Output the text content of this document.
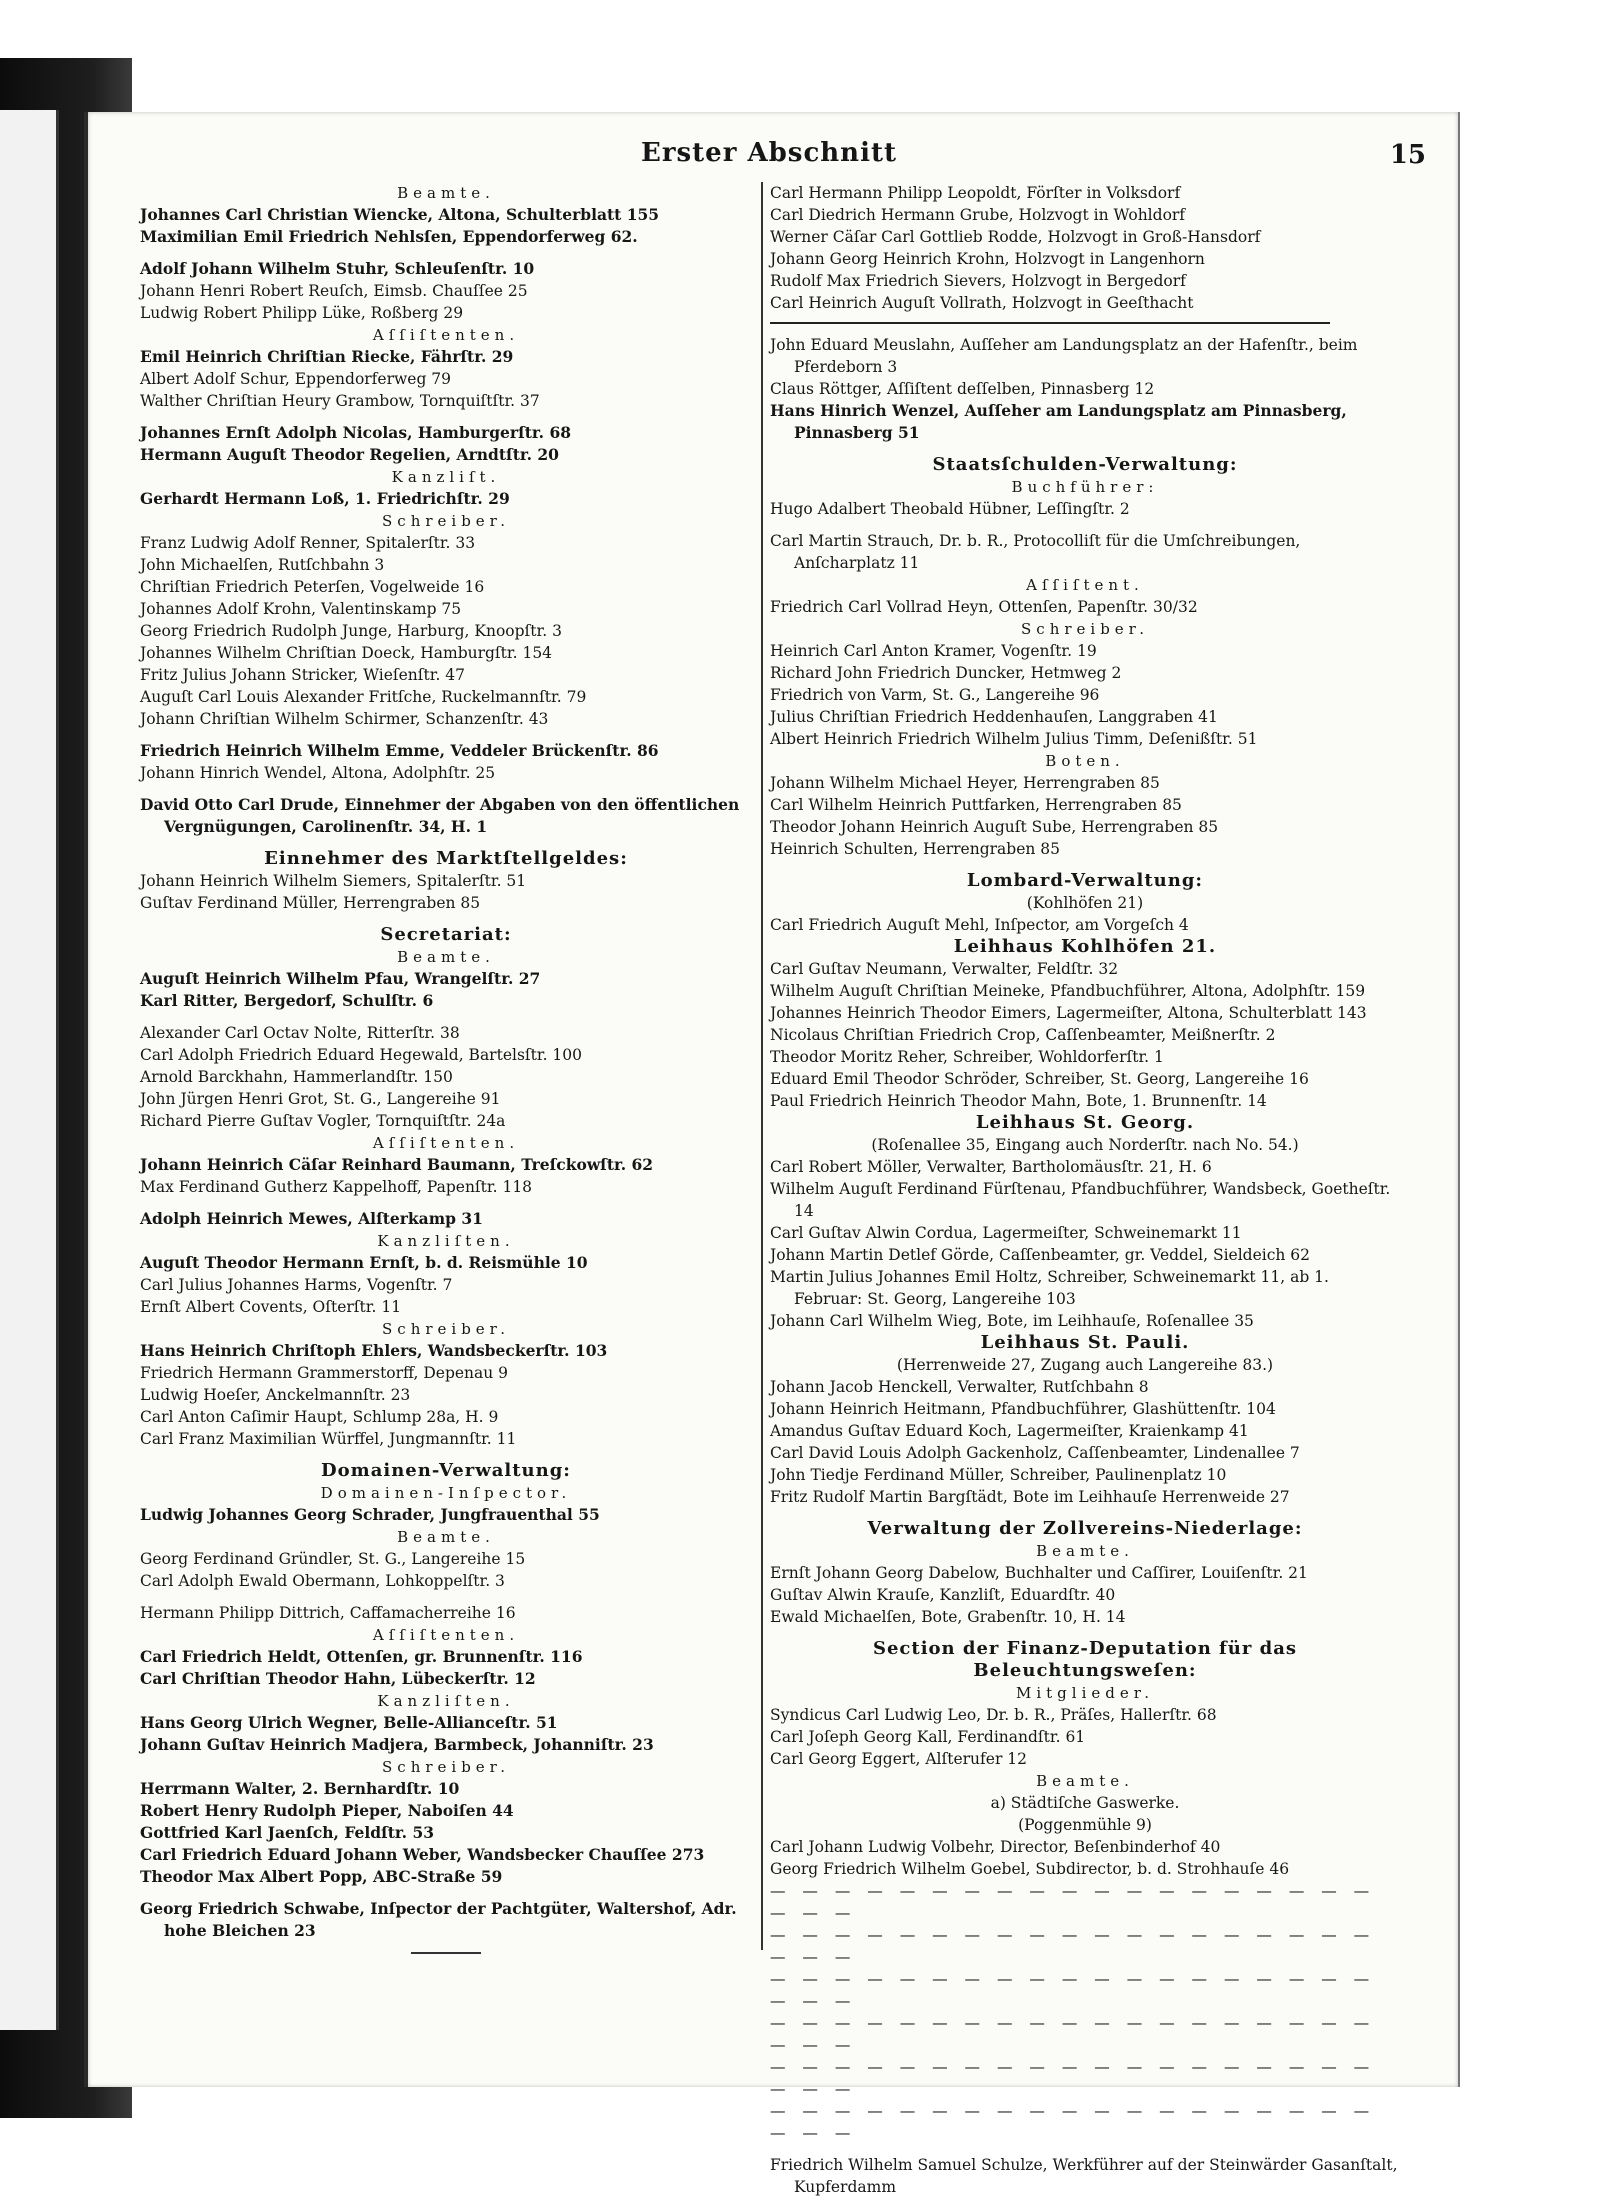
Erster Abschnitt	15

Beamte.

Johannes Carl Christian Wiencke, Altona, Schulterblatt 155

Maximilian Emil Friedrich Nehlsſen, Eppendorferweg 62.

Adolf Johann Wilhelm Stuhr, Schleuſenſtr. 10

Johann Henri Robert Reuſch, Eimsb. Chauſſee 25

Ludwig Robert Philipp Lüke, Roßberg 29

Aſſiſtenten.

Emil Heinrich Chriſtian Riecke, Fährſtr. 29

Albert Adolf Schur, Eppendorferweg 79

Walther Chriſtian Heury Grambow, Tornquiſtſtr. 37

Johannes Ernſt Adolph Nicolas, Hamburgerſtr. 68

Hermann Auguſt Theodor Regelien, Arndtſtr. 20

Kanzliſt.

Gerhardt Hermann Loß, 1. Friedrichſtr. 29

Schreiber.

Franz Ludwig Adolf Renner, Spitalerſtr. 33

John Michaelſen, Rutſchbahn 3

Chriſtian Friedrich Peterſen, Vogelweide 16

Johannes Adolf Krohn, Valentinskamp 75

Georg Friedrich Rudolph Junge, Harburg, Knoopſtr. 3

Johannes Wilhelm Chriſtian Doeck, Hamburgſtr. 154

Fritz Julius Johann Stricker, Wieſenſtr. 47

Auguſt Carl Louis Alexander Fritſche, Ruckelmannſtr. 79

Johann Chriſtian Wilhelm Schirmer, Schanzenſtr. 43

Friedrich Heinrich Wilhelm Emme, Veddeler Brückenſtr. 86

Johann Hinrich Wendel, Altona, Adolphſtr. 25

David Otto Carl Drude, Einnehmer der Abgaben von den öffentlichen Vergnügungen, Carolinenſtr. 34, H. 1

Einnehmer des Marktſtellgeldes:

Johann Heinrich Wilhelm Siemers, Spitalerſtr. 51

Guſtav Ferdinand Müller, Herrengraben 85

Secretariat:

Beamte.

Auguſt Heinrich Wilhelm Pfau, Wrangelſtr. 27

Karl Ritter, Bergedorf, Schulſtr. 6

Alexander Carl Octav Nolte, Ritterſtr. 38

Carl Adolph Friedrich Eduard Hegewald, Bartelsſtr. 100

Arnold Barckhahn, Hammerlandſtr. 150

John Jürgen Henri Grot, St. G., Langereihe 91

Richard Pierre Guſtav Vogler, Tornquiſtſtr. 24a

Aſſiſtenten.

Johann Heinrich Cäſar Reinhard Baumann, Treſckowſtr. 62

Max Ferdinand Gutherz Kappelhoff, Papenſtr. 118

Adolph Heinrich Mewes, Alſterkamp 31

Kanzliſten.

Auguſt Theodor Hermann Ernſt, b. d. Reismühle 10

Carl Julius Johannes Harms, Vogenſtr. 7

Ernſt Albert Covents, Oſterſtr. 11

Schreiber.

Hans Heinrich Chriſtoph Ehlers, Wandsbeckerſtr. 103

Friedrich Hermann Grammerstorff, Depenau 9

Ludwig Hoeſer, Anckelmannſtr. 23

Carl Anton Caſimir Haupt, Schlump 28a, H. 9

Carl Franz Maximilian Würffel, Jungmannſtr. 11

Domainen-Verwaltung:

Domainen-Inſpector.

Ludwig Johannes Georg Schrader, Jungfrauenthal 55

Beamte.

Georg Ferdinand Gründler, St. G., Langereihe 15

Carl Adolph Ewald Obermann, Lohkoppelſtr. 3

Hermann Philipp Dittrich, Caffamacherreihe 16

Aſſiſtenten.

Carl Friedrich Heldt, Ottenſen, gr. Brunnenſtr. 116

Carl Chriſtian Theodor Hahn, Lübeckerſtr. 12

Kanzliſten.

Hans Georg Ulrich Wegner, Belle-Allianceſtr. 51

Johann Guſtav Heinrich Madjera, Barmbeck, Johanniſtr. 23

Schreiber.

Herrmann Walter, 2. Bernhardſtr. 10

Robert Henry Rudolph Pieper, Naboiſen 44

Gottfried Karl Jaenſch, Feldſtr. 53

Carl Friedrich Eduard Johann Weber, Wandsbecker Chauſſee 273

Theodor Max Albert Popp, ABC-Straße 59

Georg Friedrich Schwabe, Inſpector der Pachtgüter, Waltershof, Adr. hohe Bleichen 23

Carl Hermann Philipp Leopoldt, Förſter in Volksdorf

Carl Diedrich Hermann Grube, Holzvogt in Wohldorf

Werner Cäſar Carl Gottlieb Rodde, Holzvogt in Groß-Hansdorf

Johann Georg Heinrich Krohn, Holzvogt in Langenhorn

Rudolf Max Friedrich Sievers, Holzvogt in Bergedorf

Carl Heinrich Auguſt Vollrath, Holzvogt in Geeſthacht

John Eduard Meuslahn, Auſſeher am Landungsplatz an der Hafenſtr., beim Pferdeborn 3

Claus Röttger, Aſſiſtent deſſelben, Pinnasberg 12

Hans Hinrich Wenzel, Auſſeher am Landungsplatz am Pinnasberg, Pinnasberg 51

Staatsſchulden-Verwaltung:

Buchführer:

Hugo Adalbert Theobald Hübner, Leſſingſtr. 2

Carl Martin Strauch, Dr. b. R., Protocolliſt für die Umſchreibungen, Anſcharplatz 11

Aſſiſtent.

Friedrich Carl Vollrad Heyn, Ottenſen, Papenſtr. 30/32

Schreiber.

Heinrich Carl Anton Kramer, Vogenſtr. 19

Richard John Friedrich Duncker, Hetmweg 2

Friedrich von Varm, St. G., Langereihe 96

Julius Chriſtian Friedrich Heddenhauſen, Langgraben 41

Albert Heinrich Friedrich Wilhelm Julius Timm, Deſenißſtr. 51

Boten.

Johann Wilhelm Michael Heyer, Herrengraben 85

Carl Wilhelm Heinrich Puttfarken, Herrengraben 85

Theodor Johann Heinrich Auguſt Sube, Herrengraben 85

Heinrich Schulten, Herrengraben 85

Lombard-Verwaltung:

(Kohlhöfen 21)

Carl Friedrich Auguſt Mehl, Inſpector, am Vorgeſch 4

Leihhaus Kohlhöfen 21.

Carl Guſtav Neumann, Verwalter, Feldſtr. 32

Wilhelm Auguſt Chriſtian Meineke, Pfandbuchführer, Altona, Adolphſtr. 159

Johannes Heinrich Theodor Eimers, Lagermeiſter, Altona, Schulterblatt 143

Nicolaus Chriſtian Friedrich Crop, Caſſenbeamter, Meißnerſtr. 2

Theodor Moritz Reher, Schreiber, Wohldorferſtr. 1

Eduard Emil Theodor Schröder, Schreiber, St. Georg, Langereihe 16

Paul Friedrich Heinrich Theodor Mahn, Bote, 1. Brunnenſtr. 14

Leihhaus St. Georg.

(Roſenallee 35, Eingang auch Norderſtr. nach No. 54.)

Carl Robert Möller, Verwalter, Bartholomäusſtr. 21, H. 6

Wilhelm Auguſt Ferdinand Fürſtenau, Pfandbuchführer, Wandsbeck, Goetheſtr. 14

Carl Guſtav Alwin Corduа, Lagermeiſter, Schweinemarkt 11

Johann Martin Detlef Görde, Caſſenbeamter, gr. Veddel, Sieldeich 62

Martin Julius Johannes Emil Holtz, Schreiber, Schweinemarkt 11, ab 1. Februar: St. Georg, Langereihe 103

Johann Carl Wilhelm Wieg, Bote, im Leihhauſe, Roſenallee 35

Leihhaus St. Pauli.

(Herrenweide 27, Zugang auch Langereihe 83.)

Johann Jacob Henckell, Verwalter, Rutſchbahn 8

Johann Heinrich Heitmann, Pfandbuchführer, Glashüttenſtr. 104

Amandus Guſtav Eduard Koch, Lagermeiſter, Kraienkamp 41

Carl David Louis Adolph Gackenholz, Caſſenbeamter, Lindenallee 7

John Tiedje Ferdinand Müller, Schreiber, Paulinenplatz 10

Fritz Rudolf Martin Bargſtädt, Bote im Leihhauſe Herrenweide 27

Verwaltung der Zollvereins-Niederlage:

Beamte.

Ernſt Johann Georg Dabelow, Buchhalter und Caſſirer, Louiſenſtr. 21

Guſtav Alwin Krauſe, Kanzliſt, Eduardſtr. 40

Ewald Michaelſen, Bote, Grabenſtr. 10, H. 14

Section der Finanz-Deputation für das Beleuchtungsweſen:

Mitglieder.

Syndicus Carl Ludwig Leo, Dr. b. R., Präſes, Hallerſtr. 68

Carl Joſeph Georg Kall, Ferdinandſtr. 61

Carl Georg Eggert, Alſterufer 12

Beamte.

a) Städtiſche Gaswerke.

(Poggenmühle 9)

Carl Johann Ludwig Volbehr, Director, Beſenbinderhof 40

Georg Friedrich Wilhelm Goebel, Subdirector, b. d. Strohhauſe 46

— — — — — — — — — — — — — — — — — — — — — —

— — — — — — — — — — — — — — — — — — — — — —

— — — — — — — — — — — — — — — — — — — — — —

— — — — — — — — — — — — — — — — — — — — — —

— — — — — — — — — — — — — — — — — — — — — —

— — — — — — — — — — — — — — — — — — — — — —

Friedrich Wilhelm Samuel Schulze, Werkführer auf der Steinwärder Gasanſtalt, Kupferdamm
